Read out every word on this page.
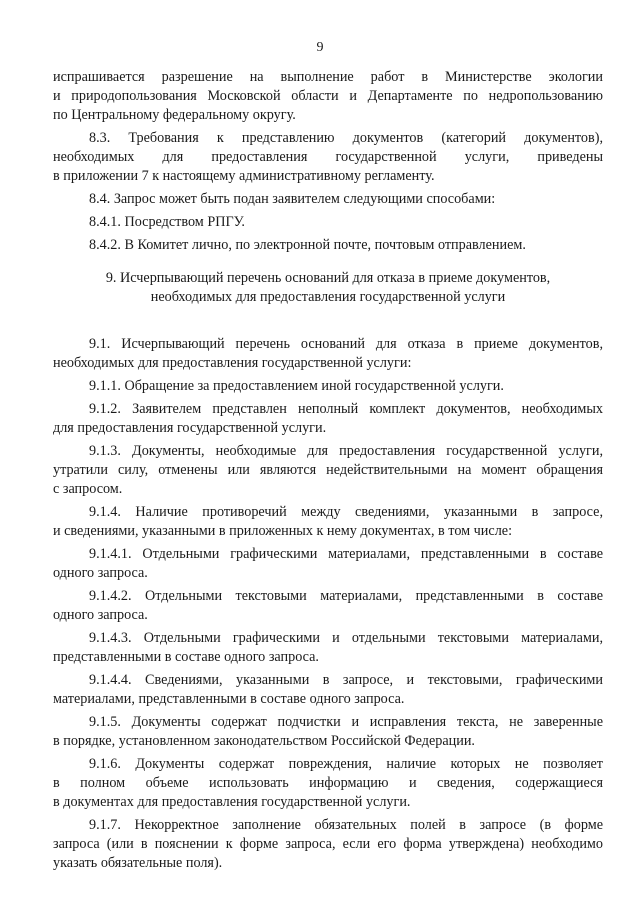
9
испрашивается разрешение на выполнение работ в Министерстве экологии
и природопользования Московской области и Департаменте по недропользованию
по Центральному федеральному округу.
8.3. Требования к представлению документов (категорий документов),
необходимых для предоставления государственной услуги, приведены
в приложении 7 к настоящему административному регламенту.
8.4. Запрос может быть подан заявителем следующими способами:
8.4.1. Посредством РПГУ.
8.4.2. В Комитет лично, по электронной почте, почтовым отправлением.
9. Исчерпывающий перечень оснований для отказа в приеме документов,
необходимых для предоставления государственной услуги
9.1. Исчерпывающий перечень оснований для отказа в приеме документов,
необходимых для предоставления государственной услуги:
9.1.1. Обращение за предоставлением иной государственной услуги.
9.1.2. Заявителем представлен неполный комплект документов, необходимых
для предоставления государственной услуги.
9.1.3. Документы, необходимые для предоставления государственной услуги,
утратили силу, отменены или являются недействительными на момент обращения
с запросом.
9.1.4. Наличие противоречий между сведениями, указанными в запросе,
и сведениями, указанными в приложенных к нему документах, в том числе:
9.1.4.1. Отдельными графическими материалами, представленными в составе
одного запроса.
9.1.4.2. Отдельными текстовыми материалами, представленными в составе
одного запроса.
9.1.4.3. Отдельными графическими и отдельными текстовыми материалами,
представленными в составе одного запроса.
9.1.4.4. Сведениями, указанными в запросе, и текстовыми, графическими
материалами, представленными в составе одного запроса.
9.1.5. Документы содержат подчистки и исправления текста, не заверенные
в порядке, установленном законодательством Российской Федерации.
9.1.6. Документы содержат повреждения, наличие которых не позволяет
в полном объеме использовать информацию и сведения, содержащиеся
в документах для предоставления государственной услуги.
9.1.7. Некорректное заполнение обязательных полей в запросе (в форме
запроса (или в пояснении к форме запроса, если его форма утверждена) необходимо
указать обязательные поля).
